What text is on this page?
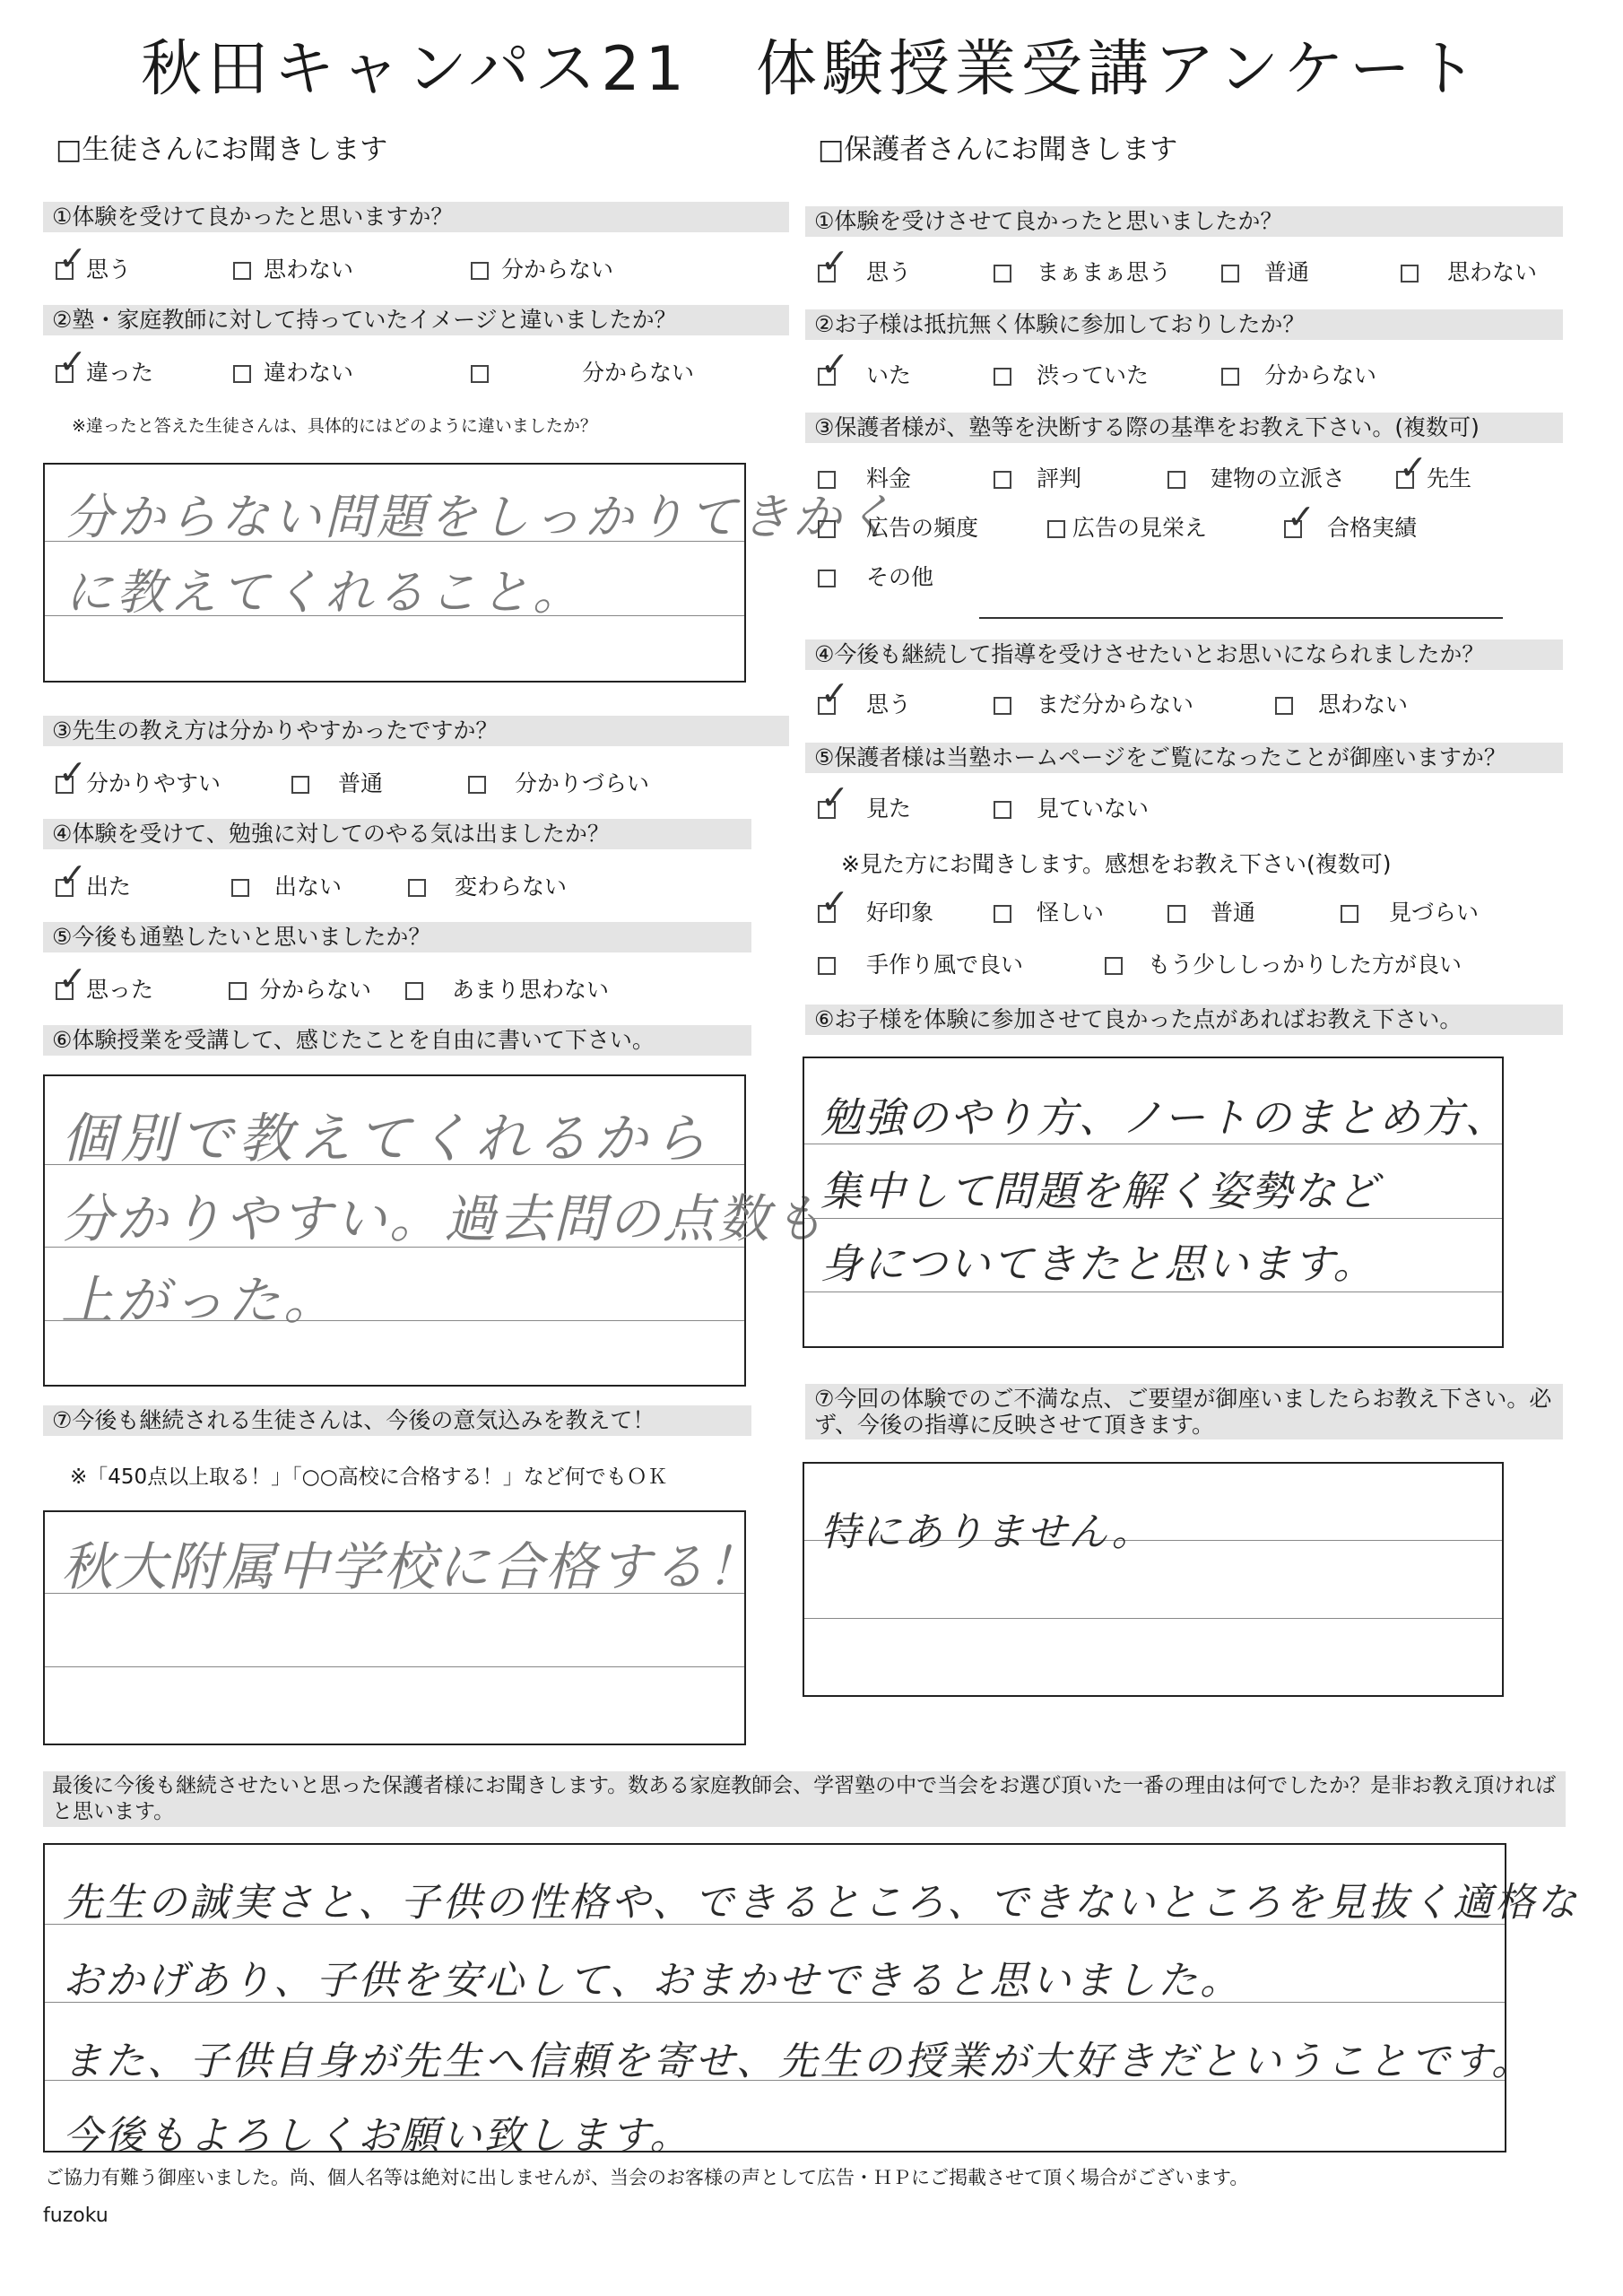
秋田キャンパス21　体験授業受講アンケート
□生徒さんにお聞きします
①体験を受けて良かったと思いますか？
✓思う	思わない	分からない
②塾・家庭教師に対して持っていたイメージと違いましたか？
✓違った	違わない	分からない
※違ったと答えた生徒さんは、具体的にはどのように違いましたか？
分からない問題をしっかりてきかく
に教えてくれること。
③先生の教え方は分かりやすかったですか？
✓分かりやすい	普通	分かりづらい
④体験を受けて、勉強に対してのやる気は出ましたか？
✓出た	出ない	変わらない
⑤今後も通塾したいと思いましたか？
✓思った	分からない	あまり思わない
⑥体験授業を受講して、感じたことを自由に書いて下さい。
個別で教えてくれるから
分かりやすい。過去問の点数も
上がった。
⑦今後も継続される生徒さんは、今後の意気込みを教えて！
※「450点以上取る！」「○○高校に合格する！」など何でもＯＫ
秋大附属中学校に合格する！
□保護者さんにお聞きします
①体験を受けさせて良かったと思いましたか？
✓思う	まぁまぁ思う	普通	思わない
②お子様は抵抗無く体験に参加しておりしたか？
✓いた	渋っていた	分からない
③保護者様が、塾等を決断する際の基準をお教え下さい。(複数可)
料金	評判	建物の立派さ ✓	先生
広告の頻度	広告の見栄え ✓	合格実績
その他
④今後も継続して指導を受けさせたいとお思いになられましたか？
✓思う	まだ分からない	思わない
⑤保護者様は当塾ホームページをご覧になったことが御座いますか？
✓見た	見ていない
※見た方にお聞きします。感想をお教え下さい(複数可)
✓好印象	怪しい	普通	見づらい
手作り風で良い	もう少ししっかりした方が良い
⑥お子様を体験に参加させて良かった点があればお教え下さい。
勉強のやり方、ノートのまとめ方、
集中して問題を解く姿勢など
身についてきたと思います。
⑦今回の体験でのご不満な点、ご要望が御座いましたらお教え下さい。必ず、今後の指導に反映させて頂きます。
特にありません。
最後に今後も継続させたいと思った保護者様にお聞きします。数ある家庭教師会、学習塾の中で当会をお選び頂いた一番の理由は何でしたか？是非お教え頂ければと思います。
先生の誠実さと、子供の性格や、できるところ、できないところを見抜く適格な
おかげあり、子供を安心して、おまかせできると思いました。
また、子供自身が先生へ信頼を寄せ、先生の授業が大好きだということです。
今後もよろしくお願い致します。
ご協力有難う御座いました。尚、個人名等は絶対に出しませんが、当会のお客様の声として広告・ＨＰにご掲載させて頂く場合がございます。
fuzoku
